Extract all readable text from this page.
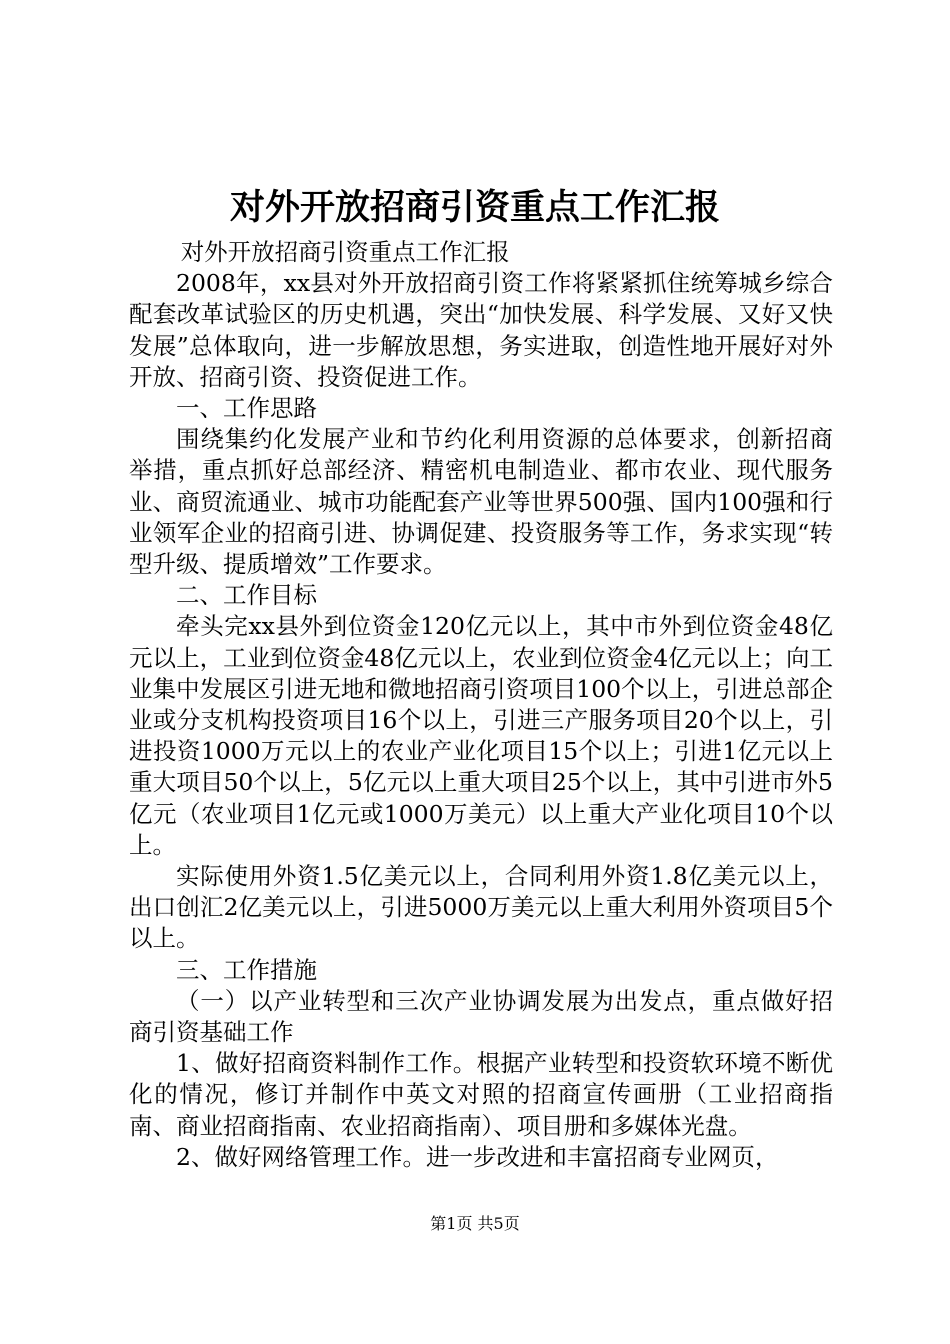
对外开放招商引资重点工作汇报

对外开放招商引资重点工作汇报

2008年，xx县对外开放招商引资工作将紧紧抓住统筹城乡综合配套改革试验区的历史机遇，突出“加快发展、科学发展、又好又快发展”总体取向，进一步解放思想，务实进取，创造性地开展好对外开放、招商引资、投资促进工作。

一、工作思路

围绕集约化发展产业和节约化利用资源的总体要求，创新招商举措，重点抓好总部经济、精密机电制造业、都市农业、现代服务业、商贸流通业、城市功能配套产业等世界500强、国内100强和行业领军企业的招商引进、协调促建、投资服务等工作，务求实现“转型升级、提质增效”工作要求。

二、工作目标

牵头完xx县外到位资金120亿元以上，其中市外到位资金48亿元以上，工业到位资金48亿元以上，农业到位资金4亿元以上；向工业集中发展区引进无地和微地招商引资项目100个以上，引进总部企业或分支机构投资项目16个以上，引进三产服务项目20个以上，引进投资1000万元以上的农业产业化项目15个以上；引进1亿元以上重大项目50个以上，5亿元以上重大项目25个以上，其中引进市外5亿元（农业项目1亿元或1000万美元）以上重大产业化项目10个以上。

实际使用外资1.5亿美元以上，合同利用外资1.8亿美元以上，出口创汇2亿美元以上，引进5000万美元以上重大利用外资项目5个以上。

三、工作措施

（一）以产业转型和三次产业协调发展为出发点，重点做好招商引资基础工作

1、做好招商资料制作工作。根据产业转型和投资软环境不断优化的情况，修订并制作中英文对照的招商宣传画册（工业招商指南、商业招商指南、农业招商指南）、项目册和多媒体光盘。

2、做好网络管理工作。进一步改进和丰富招商专业网页，

第1页 共5页
